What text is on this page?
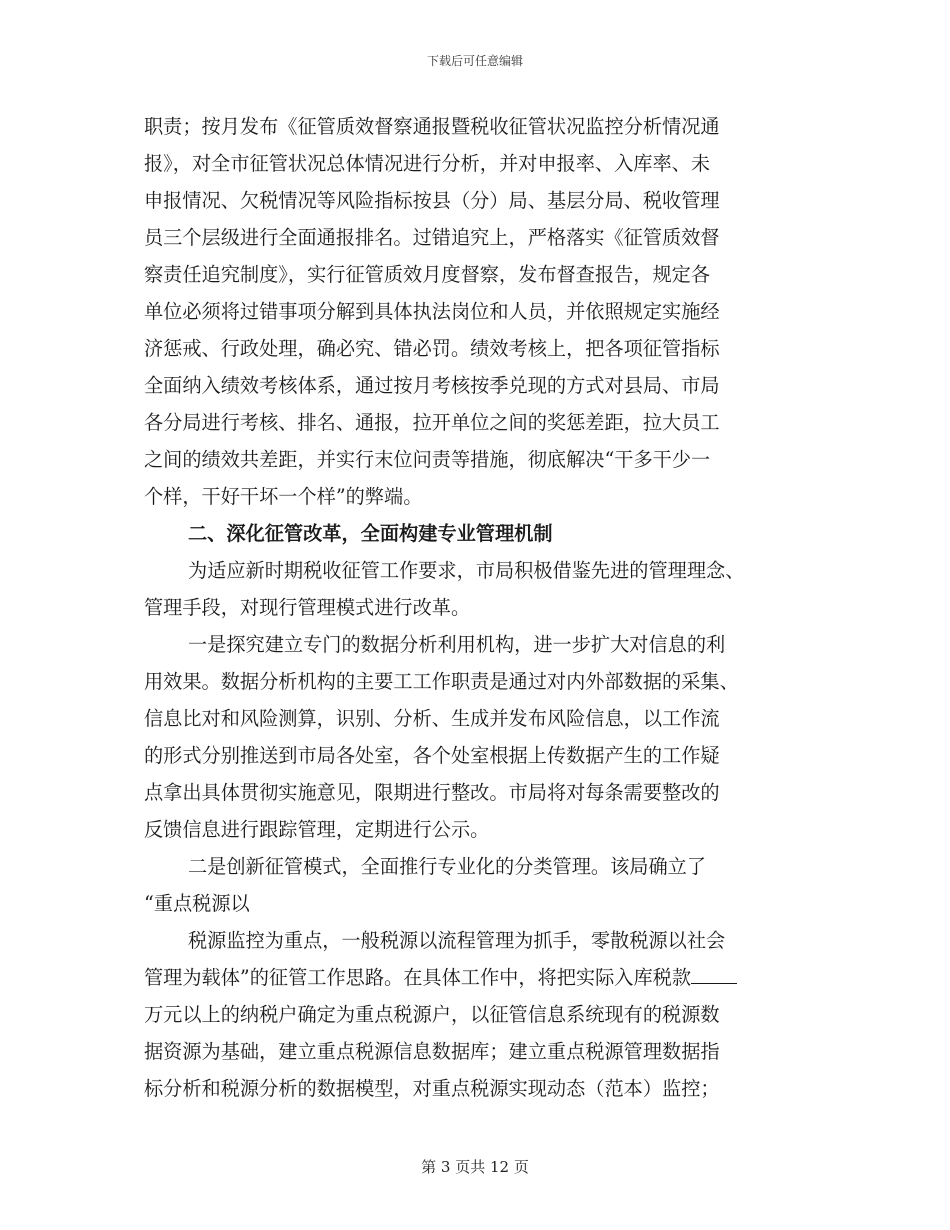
下载后可任意编辑
职责；按月发布《征管质效督察通报暨税收征管状况监控分析情况通
报》，对全市征管状况总体情况进行分析，并对申报率、入库率、未
申报情况、欠税情况等风险指标按县（分）局、基层分局、税收管理
员三个层级进行全面通报排名。过错追究上，严格落实《征管质效督
察责任追究制度》，实行征管质效月度督察，发布督查报告，规定各
单位必须将过错事项分解到具体执法岗位和人员，并依照规定实施经
济惩戒、行政处理，确必究、错必罚。绩效考核上，把各项征管指标
全面纳入绩效考核体系，通过按月考核按季兑现的方式对县局、市局
各分局进行考核、排名、通报，拉开单位之间的奖惩差距，拉大员工
之间的绩效共差距，并实行末位问责等措施，彻底解决“干多干少一
个样，干好干坏一个样”的弊端。
二、深化征管改革，全面构建专业管理机制
为适应新时期税收征管工作要求，市局积极借鉴先进的管理理念、
管理手段，对现行管理模式进行改革。
一是探究建立专门的数据分析利用机构，进一步扩大对信息的利
用效果。数据分析机构的主要工工作职责是通过对内外部数据的采集、
信息比对和风险测算，识别、分析、生成并发布风险信息，以工作流
的形式分别推送到市局各处室，各个处室根据上传数据产生的工作疑
点拿出具体贯彻实施意见，限期进行整改。市局将对每条需要整改的
反馈信息进行跟踪管理，定期进行公示。
二是创新征管模式，全面推行专业化的分类管理。该局确立了
“重点税源以
税源监控为重点，一般税源以流程管理为抓手，零散税源以社会
管理为载体”的征管工作思路。在具体工作中，将把实际入库税款
万元以上的纳税户确定为重点税源户，以征管信息系统现有的税源数
据资源为基础，建立重点税源信息数据库；建立重点税源管理数据指
标分析和税源分析的数据模型，对重点税源实现动态（范本）监控；
第 3 页共 12 页
